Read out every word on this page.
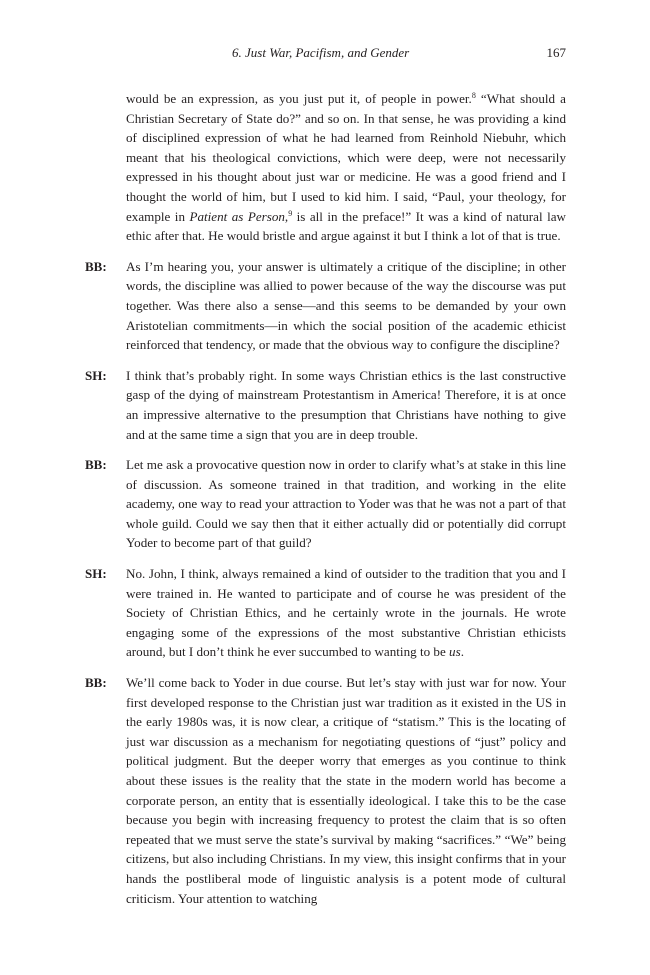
6. Just War, Pacifism, and Gender	167

would be an expression, as you just put it, of people in power.$^8$ “What should a Christian Secretary of State do?” and so on. In that sense, he was providing a kind of disciplined expression of what he had learned from Reinhold Niebuhr, which meant that his theological convictions, which were deep, were not necessarily expressed in his thought about just war or medicine. He was a good friend and I thought the world of him, but I used to kid him. I said, “Paul, your theology, for example in Patient as Person,$^9$ is all in the preface!” It was a kind of natural law ethic after that. He would bristle and argue against it but I think a lot of that is true.

BB:	As I’m hearing you, your answer is ultimately a critique of the discipline; in other words, the discipline was allied to power because of the way the discourse was put together. Was there also a sense—and this seems to be demanded by your own Aristotelian commitments—in which the social position of the academic ethicist reinforced that tendency, or made that the obvious way to configure the discipline?

SH:	I think that’s probably right. In some ways Christian ethics is the last constructive gasp of the dying of mainstream Protestantism in America! Therefore, it is at once an impressive alternative to the presumption that Christians have nothing to give and at the same time a sign that you are in deep trouble.

BB:	Let me ask a provocative question now in order to clarify what’s at stake in this line of discussion. As someone trained in that tradition, and working in the elite academy, one way to read your attraction to Yoder was that he was not a part of that whole guild. Could we say then that it either actually did or potentially did corrupt Yoder to become part of that guild?

SH:	No. John, I think, always remained a kind of outsider to the tradition that you and I were trained in. He wanted to participate and of course he was president of the Society of Christian Ethics, and he certainly wrote in the journals. He wrote engaging some of the expressions of the most substantive Christian ethicists around, but I don’t think he ever succumbed to wanting to be us.

BB:	We’ll come back to Yoder in due course. But let’s stay with just war for now. Your first developed response to the Christian just war tradition as it existed in the US in the early 1980s was, it is now clear, a critique of “statism.” This is the locating of just war discussion as a mechanism for negotiating questions of “just” policy and political judgment. But the deeper worry that emerges as you continue to think about these issues is the reality that the state in the modern world has become a corporate person, an entity that is essentially ideological. I take this to be the case because you begin with increasing frequency to protest the claim that is so often repeated that we must serve the state’s survival by making “sacrifices.” “We” being citizens, but also including Christians. In my view, this insight confirms that in your hands the postliberal mode of linguistic analysis is a potent mode of cultural criticism. Your attention to watching
